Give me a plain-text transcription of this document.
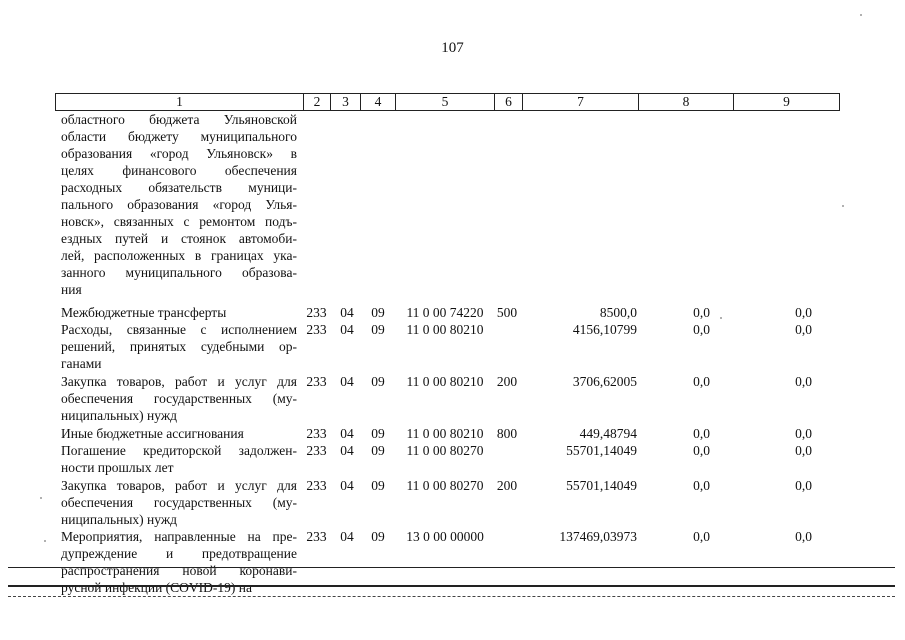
107
1	2	3	4	5	6	7	8	9
областного бюджета Ульяновской
области бюджету муниципального
образования «город Ульяновск» в
целях финансового обеспечения
расходных обязательств муници-
пального образования «город Улья-
новск», связанных с ремонтом подъ-
ездных путей и стоянок автомоби-
лей, расположенных в границах ука-
занного муниципального образова-
ния
Межбюджетные трансферты	233	04	09	11 0 00 74220 500	8500,0	0,0	0,0
Расходы, связанные с исполнением
решений, принятых судебными ор-
ганами
233	04	09	11 0 00 80210	4156,10799	0,0	0,0
Закупка товаров, работ и услуг для
обеспечения государственных (му-
ниципальных) нужд
233	04	09	11 0 00 80210 200	3706,62005	0,0	0,0
Иные бюджетные ассигнования	233	04	09	11 0 00 80210 800	449,48794	0,0	0,0
Погашение кредиторской задолжен-
ности прошлых лет
233	04	09	11 0 00 80270	55701,14049	0,0	0,0
Закупка товаров, работ и услуг для
обеспечения государственных (му-
ниципальных) нужд
233	04	09	11 0 00 80270 200	55701,14049	0,0	0,0
Мероприятия, направленные на пре-
дупреждение и предотвращение
распространения новой коронави-
русной инфекции (COVID-19) на
233	04	09	13 0 00 00000	137469,03973	0,0	0,0
